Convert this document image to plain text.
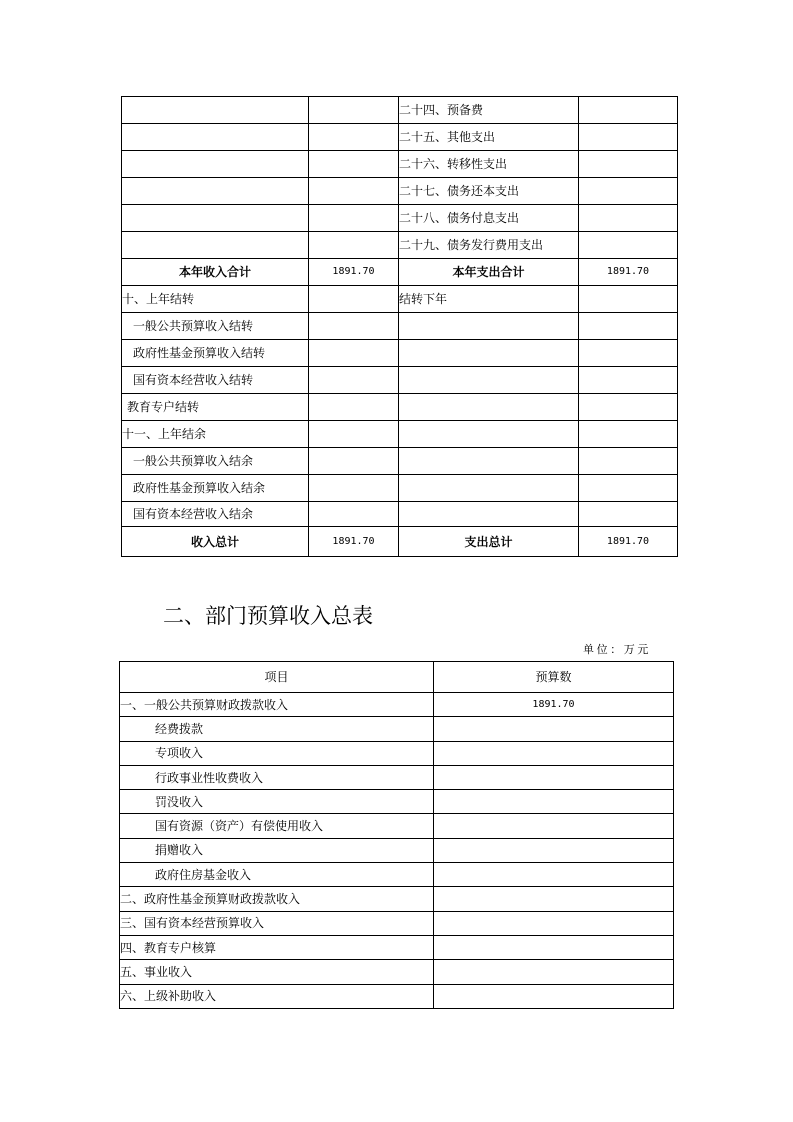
		二十四、预备费	
		二十五、其他支出	
		二十六、转移性支出	
		二十七、债务还本支出	
		二十八、债务付息支出	
		二十九、债务发行费用支出	
本年收入合计	1891.70	本年支出合计	1891.70
十、上年结转		结转下年	
一般公共预算收入结转			
政府性基金预算收入结转			
国有资本经营收入结转			
教育专户结转			
十一、上年结余			
一般公共预算收入结余			
政府性基金预算收入结余			
国有资本经营收入结余			
收入总计	1891.70	支出总计	1891.70
二、部门预算收入总表
单位：万元
项目	预算数
一、一般公共预算财政拨款收入	1891.70
经费拨款	
专项收入	
行政事业性收费收入	
罚没收入	
国有资源（资产）有偿使用收入	
捐赠收入	
政府住房基金收入	
二、政府性基金预算财政拨款收入	
三、国有资本经营预算收入	
四、教育专户核算	
五、事业收入	
六、上级补助收入	
